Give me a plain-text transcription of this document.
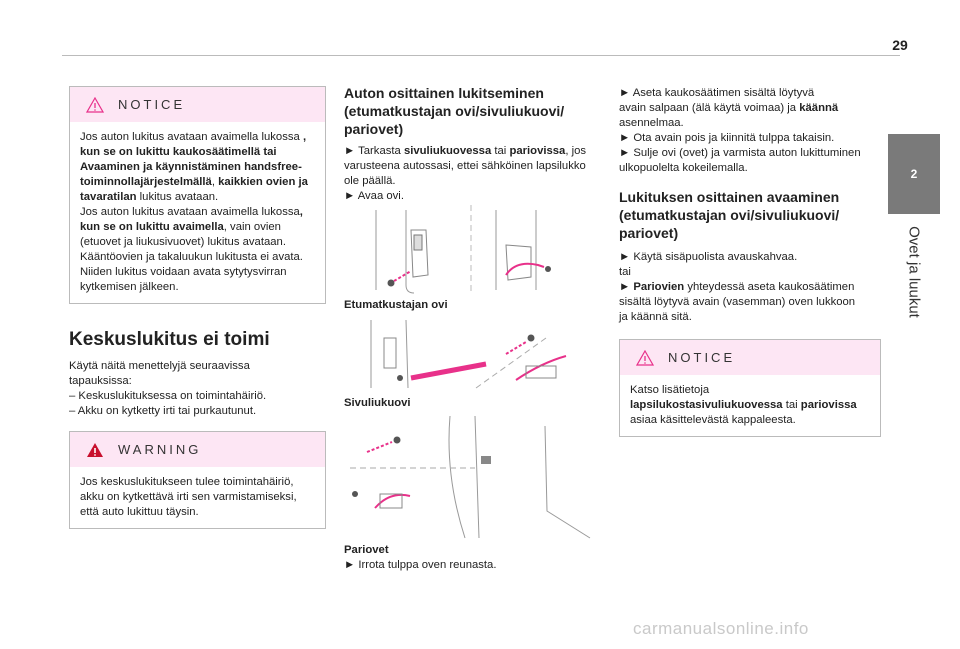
29
2
Ovet ja luukut
NOTICE

Jos auton lukitus avataan avaimella lukossa ,

kun se on lukittu kaukosäätimellä tai

Avaaminen ja käynnistäminen handsfree-

toiminnollajärjestelmällä, kaikkien ovien ja

tavaratilan lukitus avataan.

Jos auton lukitus avataan avaimella lukossa,

kun se on lukittu avaimella, vain ovien

(etuovet ja liukusivuovet) lukitus avataan.

Kääntöovien ja takaluukun lukitusta ei avata.

Niiden lukitus voidaan avata sytytysvirran

kytkemisen jälkeen.

Keskuslukitus ei toimi

Käytä näitä menettelyjä seuraavissa

tapauksissa:

– Keskuslukituksessa on toimintahäiriö.

– Akku on kytketty irti tai purkautunut.

WARNING

Jos keskuslukitukseen tulee toimintahäiriö,

akku on kytkettävä irti sen varmistamiseksi,

että auto lukittuu täysin.

Auton osittainen lukitseminen
(etumatkustajan ovi/sivuliukuovi/
pariovet)

► Tarkasta sivuliukuovessa tai pariovissa, jos

varusteena autossasi, ettei sähköinen lapsilukko

ole päällä.

► Avaa ovi.

Etumatkustajan ovi
Sivuliukuovi

Pariovet

► Irrota tulppa oven reunasta.

► Aseta kaukosäätimen sisältä löytyvä

avain salpaan (älä käytä voimaa) ja käännä

asennelmaa.

► Ota avain pois ja kiinnitä tulppa takaisin.

► Sulje ovi (ovet) ja varmista auton lukittuminen

ulkopuolelta kokeilemalla.

Lukituksen osittainen avaaminen
(etumatkustajan ovi/sivuliukuovi/
pariovet)

► Käytä sisäpuolista avauskahvaa.

tai

► Pariovien yhteydessä aseta kaukosäätimen

sisältä löytyvä avain (vasemman) oven lukkoon

ja käännä sitä.

NOTICE

Katso lisätietoja

lapsilukostasivuliukuovessa tai pariovissa

asiaa käsittelevästä kappaleesta.

carmanualsonline.info
